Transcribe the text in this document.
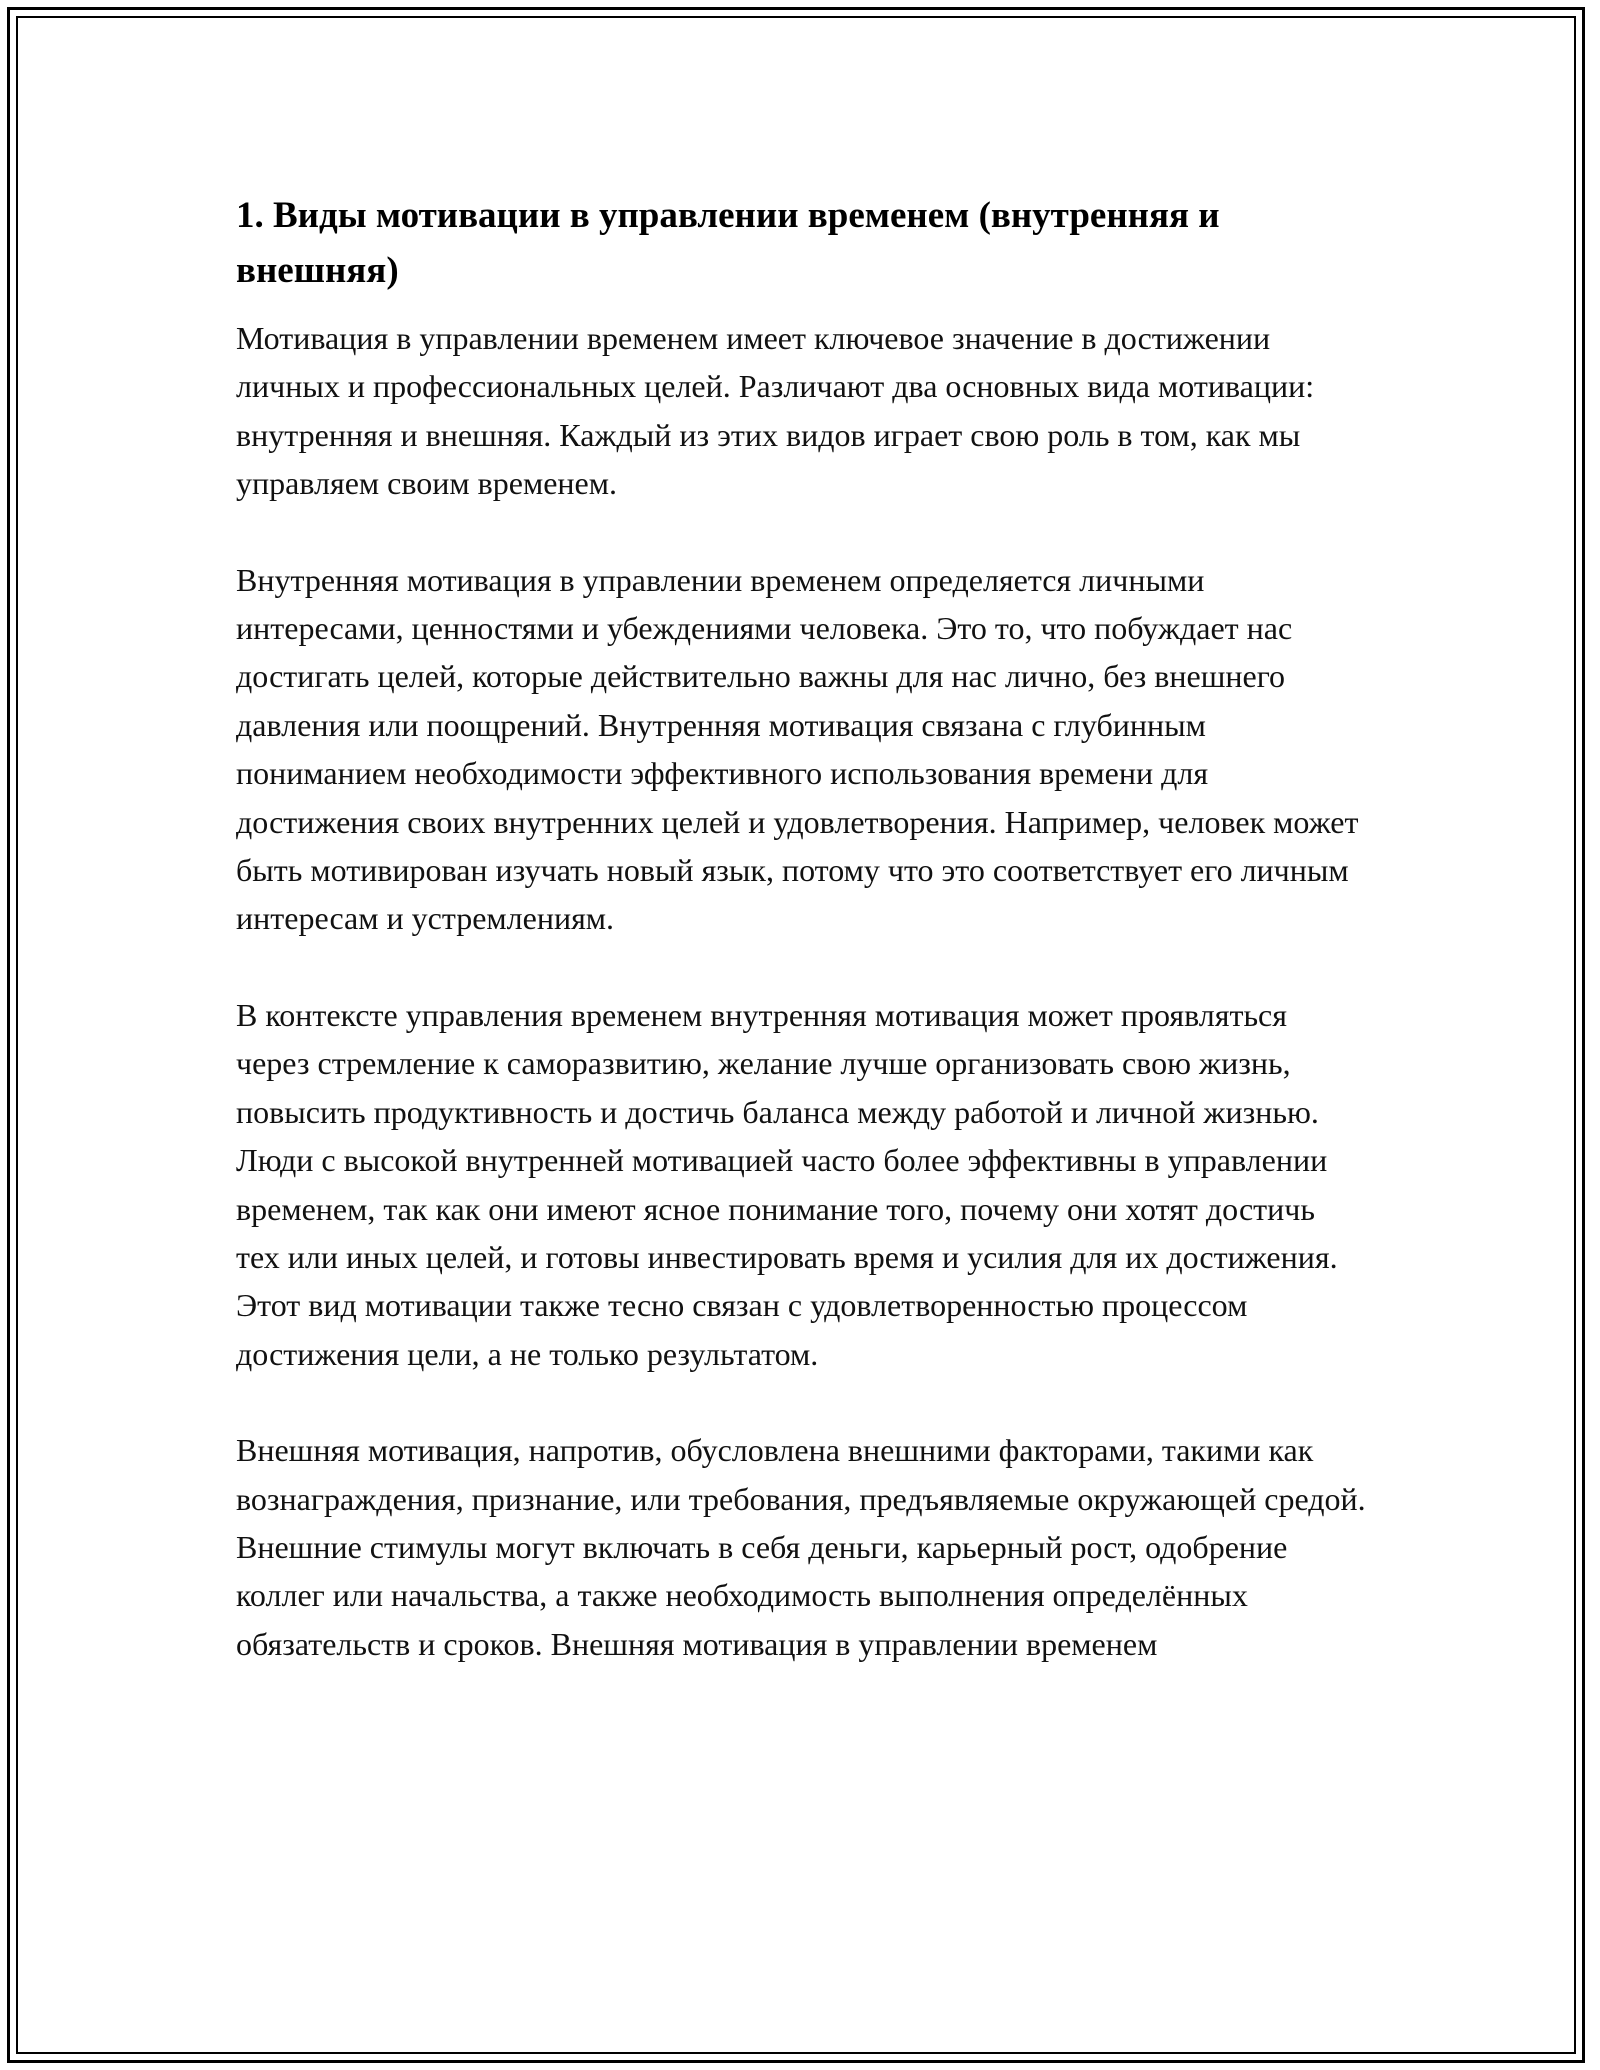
1. Виды мотивации в управлении временем (внутренняя и внешняя)

Мотивация в управлении временем имеет ключевое значение в достижении личных и профессиональных целей. Различают два основных вида мотивации: внутренняя и внешняя. Каждый из этих видов играет свою роль в том, как мы управляем своим временем.

Внутренняя мотивация в управлении временем определяется личными интересами, ценностями и убеждениями человека. Это то, что побуждает нас достигать целей, которые действительно важны для нас лично, без внешнего давления или поощрений. Внутренняя мотивация связана с глубинным пониманием необходимости эффективного использования времени для достижения своих внутренних целей и удовлетворения. Например, человек может быть мотивирован изучать новый язык, потому что это соответствует его личным интересам и устремлениям.

В контексте управления временем внутренняя мотивация может проявляться через стремление к саморазвитию, желание лучше организовать свою жизнь, повысить продуктивность и достичь баланса между работой и личной жизнью. Люди с высокой внутренней мотивацией часто более эффективны в управлении временем, так как они имеют ясное понимание того, почему они хотят достичь тех или иных целей, и готовы инвестировать время и усилия для их достижения. Этот вид мотивации также тесно связан с удовлетворенностью процессом достижения цели, а не только результатом.

Внешняя мотивация, напротив, обусловлена внешними факторами, такими как вознаграждения, признание, или требования, предъявляемые окружающей средой. Внешние стимулы могут включать в себя деньги, карьерный рост, одобрение коллег или начальства, а также необходимость выполнения определённых обязательств и сроков. Внешняя мотивация в управлении временем
